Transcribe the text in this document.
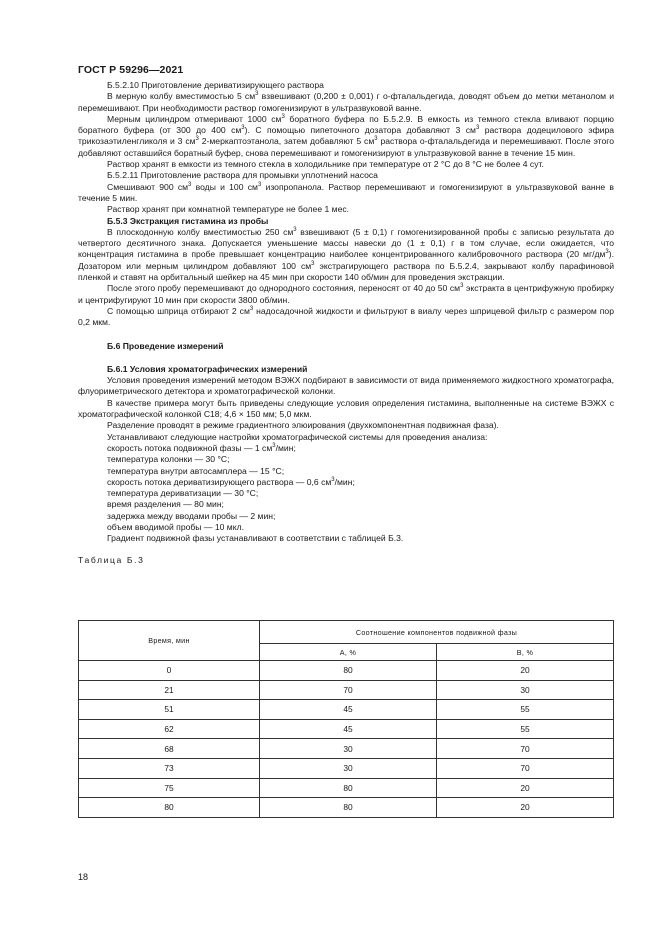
ГОСТ Р 59296—2021

Б.5.2.10 Приготовление дериватизирующего раствора

В мерную колбу вместимостью 5 $см^3$ взвешивают (0,200 ± 0,001) г о-фталальдегида, доводят объем до метки метанолом и перемешивают. При необходимости раствор гомогенизируют в ультразвуковой ванне.

Мерным цилиндром отмеривают 1000 $см^3$ боратного буфера по Б.5.2.9. В емкость из темного стекла вливают порцию боратного буфера (от 300 до 400 $см^3$). С помощью пипеточного дозатора добавляют 3 $см^3$ раствора додецилового эфира трикозаэтиленгликоля и 3 $см^3$ 2-меркаптоэтанола, затем добавляют 5 $см^3$ раствора о-фталальдегида и перемешивают. После этого добавляют оставшийся боратный буфер, снова перемешивают и гомогенизируют в ультразвуковой ванне в течение 15 мин.

Раствор хранят в емкости из темного стекла в холодильнике при температуре от 2 °С до 8 °С не более 4 сут.

Б.5.2.11 Приготовление раствора для промывки уплотнений насоса

Смешивают 900 $см^3$ воды и 100 $см^3$ изопропанола. Раствор перемешивают и гомогенизируют в ультразвуковой ванне в течение 5 мин.

Раствор хранят при комнатной температуре не более 1 мес.

Б.5.3 Экстракция гистамина из пробы

В плоскодонную колбу вместимостью 250 $см^3$ взвешивают (5 ± 0,1) г гомогенизированной пробы с записью результата до четвертого десятичного знака. Допускается уменьшение массы навески до (1 ± 0,1) г в том случае, если ожидается, что концентрация гистамина в пробе превышает концентрацию наиболее концентрированного калибровочного раствора (20 $мг/дм^3$). Дозатором или мерным цилиндром добавляют 100 $см^3$ экстрагирующего раствора по Б.5.2.4, закрывают колбу парафиновой пленкой и ставят на орбитальный шейкер на 45 мин при скорости 140 об/мин для проведения экстракции.

После этого пробу перемешивают до однородного состояния, переносят от 40 до 50 $см^3$ экстракта в центрифужную пробирку и центрифугируют 10 мин при скорости 3800 об/мин.

С помощью шприца отбирают 2 $см^3$ надосадочной жидкости и фильтруют в виалу через шприцевой фильтр с размером пор 0,2 мкм.

Б.6 Проведение измерений

Б.6.1 Условия хроматографических измерений

Условия проведения измерений методом ВЭЖХ подбирают в зависимости от вида применяемого жидкостного хроматографа, флуориметрического детектора и хроматографической колонки.

В качестве примера могут быть приведены следующие условия определения гистамина, выполненные на системе ВЭЖХ с хроматографической колонкой С18; 4,6 × 150 мм; 5,0 мкм.

Разделение проводят в режиме градиентного элюирования (двухкомпонентная подвижная фаза).

Устанавливают следующие настройки хроматографической системы для проведения анализа:

скорость потока подвижной фазы — 1 $см^3$/мин;

температура колонки — 30 °С;

температура внутри автосамплера — 15 °С;

скорость потока дериватизирующего раствора — 0,6 $см^3$/мин;

температура дериватизации — 30 °С;

время разделения — 80 мин;

задержка между вводами пробы — 2 мин;

объем вводимой пробы — 10 мкл.

Градиент подвижной фазы устанавливают в соответствии с таблицей Б.3.

Таблица Б.3

Время, мин	Соотношение компонентов подвижной фазы	
	А, %	В, %
0	80	20
21	70	30
51	45	55
62	45	55
68	30	70
73	30	70
75	80	20
80	80	20
18
